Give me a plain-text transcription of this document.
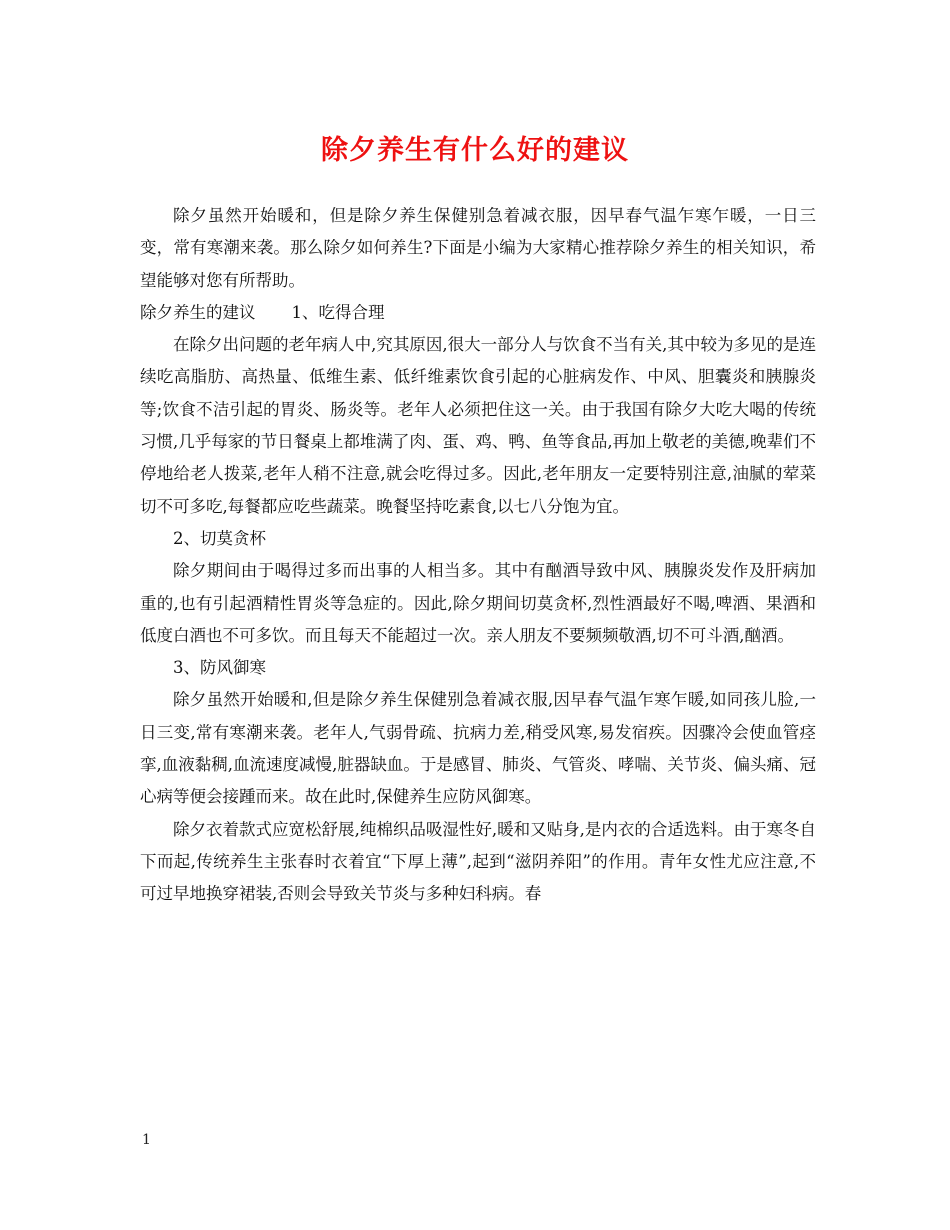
除夕养生有什么好的建议

除夕虽然开始暖和，但是除夕养生保健别急着减衣服，因早春气温乍寒乍暖，一日三变，常有寒潮来袭。那么除夕如何养生?下面是小编为大家精心推荐除夕养生的相关知识，希望能够对您有所帮助。

除夕养生的建议 1、吃得合理

在除夕出问题的老年病人中,究其原因,很大一部分人与饮食不当有关,其中较为多见的是连续吃高脂肪、高热量、低维生素、低纤维素饮食引起的心脏病发作、中风、胆囊炎和胰腺炎等;饮食不洁引起的胃炎、肠炎等。老年人必须把住这一关。由于我国有除夕大吃大喝的传统习惯,几乎每家的节日餐桌上都堆满了肉、蛋、鸡、鸭、鱼等食品,再加上敬老的美德,晚辈们不停地给老人拨菜,老年人稍不注意,就会吃得过多。因此,老年朋友一定要特别注意,油腻的荤菜切不可多吃,每餐都应吃些蔬菜。晚餐坚持吃素食,以七八分饱为宜。

2、切莫贪杯

除夕期间由于喝得过多而出事的人相当多。其中有酗酒导致中风、胰腺炎发作及肝病加重的,也有引起酒精性胃炎等急症的。因此,除夕期间切莫贪杯,烈性酒最好不喝,啤酒、果酒和低度白酒也不可多饮。而且每天不能超过一次。亲人朋友不要频频敬酒,切不可斗酒,酗酒。

3、防风御寒

除夕虽然开始暖和,但是除夕养生保健别急着减衣服,因早春气温乍寒乍暖,如同孩儿脸,一日三变,常有寒潮来袭。老年人,气弱骨疏、抗病力差,稍受风寒,易发宿疾。因骤冷会使血管痉挛,血液黏稠,血流速度减慢,脏器缺血。于是感冒、肺炎、气管炎、哮喘、关节炎、偏头痛、冠心病等便会接踵而来。故在此时,保健养生应防风御寒。

除夕衣着款式应宽松舒展,纯棉织品吸湿性好,暖和又贴身,是内衣的合适选料。由于寒冬自下而起,传统养生主张春时衣着宜“下厚上薄”,起到“滋阴养阳”的作用。青年女性尤应注意,不可过早地换穿裙装,否则会导致关节炎与多种妇科病。春

1
